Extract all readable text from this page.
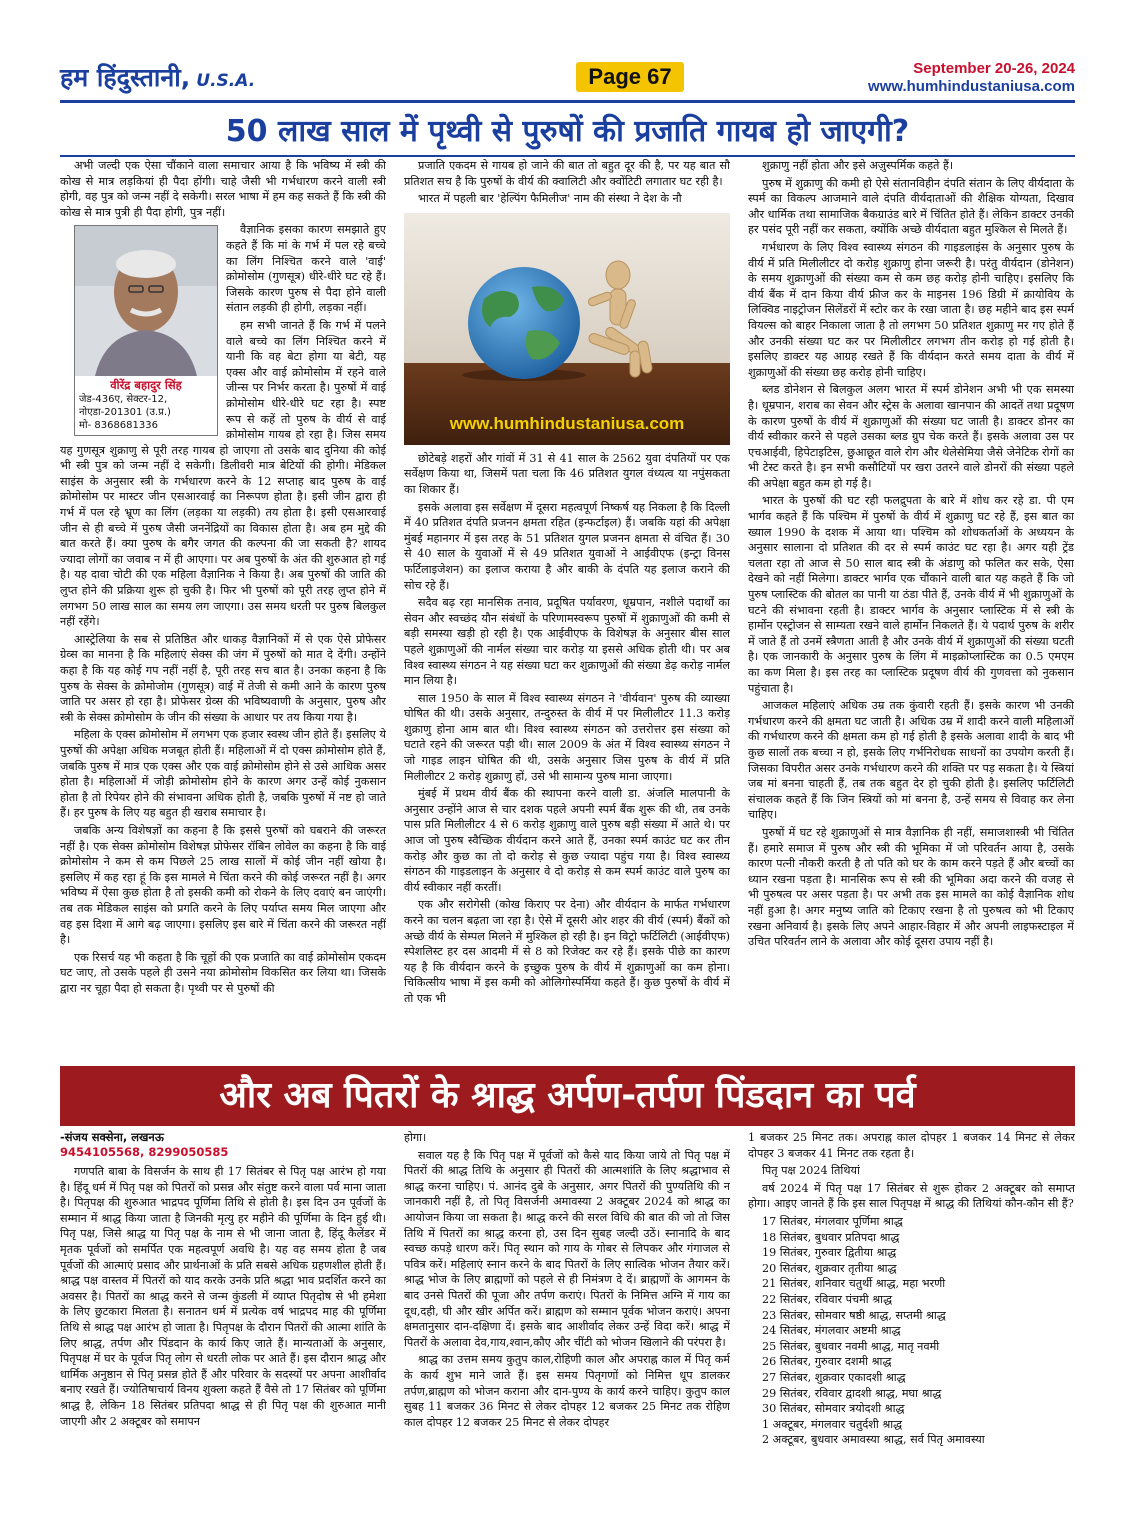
हम हिंदुस्तानी, U.S.A.	Page 67	September 20-26, 2024
www.humhindustaniusa.com
50 लाख साल में पृथ्वी से पुरुषों की प्रजाति गायब हो जाएगी?

अभी जल्दी एक ऐसा चौंकाने वाला समाचार आया है कि भविष्य में स्त्री की कोख से मात्र लड़कियां ही पैदा होंगी। चाहे जैसी भी गर्भधारण करने वाली स्त्री होगी, वह पुत्र को जन्म नहीं दे सकेगी। सरल भाषा में हम कह सकते हैं कि स्त्री की कोख से मात्र पुत्री ही पैदा होगी, पुत्र नहीं।

वीरेंद्र बहादुर सिंह
जेड-436ए, सेक्टर-12,
नोएडा-201301 (उ.प्र.)
मो- 8368681336

वैज्ञानिक इसका कारण समझाते हुए कहते हैं कि मां के गर्भ में पल रहे बच्चे का लिंग निश्चित करने वाले 'वाई' क्रोमोसोम (गुणसूत्र) धीरे-धीरे घट रहे हैं। जिसके कारण पुरुष से पैदा होने वाली संतान लड़की ही होगी, लड़का नहीं।

हम सभी जानते हैं कि गर्भ में पलने वाले बच्चे का लिंग निश्चित करने में यानी कि वह बेटा होगा या बेटी, यह एक्स और वाई क्रोमोसोम में रहने वाले जीन्स पर निर्भर करता है। पुरुषों में वाई क्रोमोसोम धीरे-धीरे घट रहा है। स्पष्ट रूप से कहें तो पुरुष के वीर्य से वाई क्रोमोसोम गायब हो रहा है। जिस समय यह गुणसूत्र शुक्राणु से पूरी तरह गायब हो जाएगा तो उसके बाद दुनिया की कोई भी स्त्री पुत्र को जन्म नहीं दे सकेगी। डिलीवरी मात्र बेटियों की होगी। मेडिकल साइंस के अनुसार स्त्री के गर्भधारण करने के 12 सप्ताह बाद पुरुष के वाई क्रोमोसोम पर मास्टर जीन एसआरवाई का निरूपण होता है। इसी जीन द्वारा ही गर्भ में पल रहे भ्रूण का लिंग (लड़का या लड़की) तय होता है। इसी एसआरवाई जीन से ही बच्चे में पुरुष जैसी जननेंद्रियों का विकास होता है। अब हम मुद्दे की बात करते हैं। क्या पुरुष के बगैर जगत की कल्पना की जा सकती है? शायद ज्यादा लोगों का जवाब न में ही आएगा। पर अब पुरुषों के अंत की शुरुआत हो गई है। यह दावा चोटी की एक महिला वैज्ञानिक ने किया है। अब पुरुषों की जाति की लुप्त होने की प्रक्रिया शुरू हो चुकी है। फिर भी पुरुषों को पूरी तरह लुप्त होने में लगभग 50 लाख साल का समय लग जाएगा। उस समय धरती पर पुरुष बिलकुल नहीं रहेंगे।

आस्ट्रेलिया के सब से प्रतिष्ठित और धाकड़ वैज्ञानिकों में से एक ऐसे प्रोफेसर ग्रेव्स का मानना है कि महिलाएं सेक्स की जंग में पुरुषों को मात दे देंगी। उन्होंने कहा है कि यह कोई गप नहीं नहीं है, पूरी तरह सच बात है। उनका कहना है कि पुरुष के सेक्स के क्रोमोजोम (गुणसूत्र) वाई में तेजी से कमी आने के कारण पुरुष जाति पर असर हो रहा है। प्रोफेसर ग्रेव्स की भविष्यवाणी के अनुसार, पुरुष और स्त्री के सेक्स क्रोमोसोम के जीन की संख्या के आधार पर तय किया गया है।

महिला के एक्स क्रोमोसोम में लगभग एक हजार स्वस्थ जीन होते हैं। इसलिए ये पुरुषों की अपेक्षा अधिक मजबूत होती हैं। महिलाओं में दो एक्स क्रोमोसोम होते हैं, जबकि पुरुष में मात्र एक एक्स और एक वाई क्रोमोसोम होने से उसे आधिक असर होता है। महिलाओं में जोड़ी क्रोमोसोम होने के कारण अगर उन्हें कोई नुकसान होता है तो रिपेयर होने की संभावना अधिक होती है, जबकि पुरुषों में नष्ट हो जाते हैं। हर पुरुष के लिए यह बहुत ही खराब समाचार है।

जबकि अन्य विशेषज्ञों का कहना है कि इससे पुरुषों को घबराने की जरूरत नहीं है। एक सेक्स क्रोमोसोम विशेषज्ञ प्रोफेसर रॉबिन लोवेल का कहना है कि वाई क्रोमोसोम ने कम से कम पिछले 25 लाख सालों में कोई जीन नहीं खोया है। इसलिए में कह रहा हूं कि इस मामले मे चिंता करने की कोई जरूरत नहीं है। अगर भविष्य में ऐसा कुछ होता है तो इसकी कमी को रोकने के लिए दवाएं बन जाएंगी। तब तक मेडिकल साइंस को प्रगति करने के लिए पर्याप्त समय मिल जाएगा और वह इस दिशा में आगे बढ़ जाएगा। इसलिए इस बारे में चिंता करने की जरूरत नहीं है।

एक रिसर्च यह भी कहता है कि चूहों की एक प्रजाति का वाई क्रोमोसोम एकदम घट जाए, तो उसके पहले ही उसने नया क्रोमोसोम विकसित कर लिया था। जिसके द्वारा नर चूहा पैदा हो सकता है। पृथ्वी पर से पुरुषों की

प्रजाति एकदम से गायब हो जाने की बात तो बहुत दूर की है, पर यह बात सौ प्रतिशत सच है कि पुरुषों के वीर्य की क्वालिटी और क्वोंटिटी लगातार घट रही है।

भारत में पहली बार 'हेल्पिंग फैमिलीज' नाम की संस्था ने देश के नौ

www.humhindustaniusa.com

छोटेबड़े शहरों और गांवों में 31 से 41 साल के 2562 युवा दंपतियों पर एक सर्वेक्षण किया था, जिसमें पता चला कि 46 प्रतिशत युगल वंध्यत्व या नपुंसकता का शिकार हैं।

इसके अलावा इस सर्वेक्षण में दूसरा महत्वपूर्ण निष्कर्ष यह निकला है कि दिल्ली में 40 प्रतिशत दंपति प्रजनन क्षमता रहित (इन्फर्टाइल) हैं। जबकि यहां की अपेक्षा मुंबई महानगर में इस तरह के 51 प्रतिशत युगल प्रजनन क्षमता से वंचित हैं। 30 से 40 साल के युवाओं में से 49 प्रतिशत युवाओं ने आईवीएफ (इन्ट्रा विनस फर्टिलाइजेशन) का इलाज कराया है और बाकी के दंपति यह इलाज कराने की सोच रहे हैं।

सदैव बढ़ रहा मानसिक तनाव, प्रदूषित पर्यावरण, धूम्रपान, नशीले पदार्थों का सेवन और स्वच्छंद यौन संबंधों के परिणामस्वरूप पुरुषों में शुक्राणुओं की कमी से बड़ी समस्या खड़ी हो रही है। एक आईवीएफ के विशेषज्ञ के अनुसार बीस साल पहले शुक्राणुओं की नार्मल संख्या चार करोड़ या इससे अधिक होती थी। पर अब विश्व स्वास्थ्य संगठन ने यह संख्या घटा कर शुक्राणुओं की संख्या डेढ़ करोड़ नार्मल मान लिया है।

साल 1950 के साल में विश्व स्वास्थ्य संगठन ने 'वीर्यवान' पुरुष की व्याख्या घोषित की थी। उसके अनुसार, तन्दुरुस्त के वीर्य में पर मिलीलीटर 11.3 करोड़ शुक्राणु होना आम बात थी। विश्व स्वास्थ्य संगठन को उत्तरोत्तर इस संख्या को घटाते रहने की जरूरत पड़ी थी। साल 2009 के अंत में विश्व स्वास्थ्य संगठन ने जो गाइड लाइन घोषित की थी, उसके अनुसार जिस पुरुष के वीर्य में प्रति मिलीलीटर 2 करोड़ शुक्राणु हों, उसे भी सामान्य पुरुष माना जाएगा।

मुंबई में प्रथम वीर्य बैंक की स्थापना करने वाली डा. अंजलि मालपानी के अनुसार उन्होंने आज से चार दशक पहले अपनी स्पर्म बैंक शुरू की थी, तब उनके पास प्रति मिलीलीटर 4 से 6 करोड़ शुक्राणु वाले पुरुष बड़ी संख्या में आते थे। पर आज जो पुरुष स्वैच्छिक वीर्यदान करने आते हैं, उनका स्पर्म काउंट घट कर तीन करोड़ और कुछ का तो दो करोड़ से कुछ ज्यादा पहुंच गया है। विश्व स्वास्थ्य संगठन की गाइडलाइन के अनुसार वे दो करोड़ से कम स्पर्म काउंट वाले पुरुष का वीर्य स्वीकार नहीं करतीं।

एक और सरोगेसी (कोख किराए पर देना) और वीर्यदान के मार्फत गर्भधारण करने का चलन बढ़ता जा रहा है। ऐसे में दूसरी ओर शहर की वीर्य (स्पर्म) बैंकों को अच्छे वीर्य के सेम्पल मिलने में मुश्किल हो रही है। इन विट्रो फर्टिलिटी (आईवीएफ) स्पेशलिस्ट हर दस आदमी में से 8 को रिजेक्ट कर रहे हैं। इसके पीछे का कारण यह है कि वीर्यदान करने के इच्छुक पुरुष के वीर्य में शुक्राणुओं का कम होना। चिकित्सीय भाषा में इस कमी को ओलिगोस्पर्मिया कहते हैं। कुछ पुरुषों के वीर्य में तो एक भी

शुक्राणु नहीं होता और इसे अज़ुस्पर्मिक कहते हैं।

पुरुष में शुक्राणु की कमी हो ऐसे संतानविहीन दंपति संतान के लिए वीर्यदाता के स्पर्म का विकल्प आजमाने वाले दंपति वीर्यदाताओं की शैक्षिक योग्यता, दिखाव और धार्मिक तथा सामाजिक बैकग्राउंड बारे में चिंतित होते हैं। लेकिन डाक्टर उनकी हर पसंद पूरी नहीं कर सकता, क्योंकि अच्छे वीर्यदाता बहुत मुश्किल से मिलते हैं।

गर्भधारण के लिए विश्व स्वास्थ्य संगठन की गाइडलाइंस के अनुसार पुरुष के वीर्य में प्रति मिलीलीटर दो करोड़ शुक्राणु होना जरूरी है। परंतु वीर्यदान (डोनेशन) के समय शुक्राणुओं की संख्या कम से कम छह करोड़ होनी चाहिए। इसलिए कि वीर्य बैंक में दान किया वीर्य फ्रीज कर के माइनस 196 डिग्री में क्रायोविय के लिक्विड नाइट्रोजन सिलेंडरों में स्टोर कर के रखा जाता है। छह महीने बाद इस स्पर्म वियल्स को बाहर निकाला जाता है तो लगभग 50 प्रतिशत शुक्राणु मर गए होते हैं और उनकी संख्या घट कर पर मिलीलीटर लगभग तीन करोड़ हो गई होती है। इसलिए डाक्टर यह आग्रह रखते हैं कि वीर्यदान करते समय दाता के वीर्य में शुक्राणुओं की संख्या छह करोड़ होनी चाहिए।

ब्लड डोनेशन से बिलकुल अलग भारत में स्पर्म डोनेशन अभी भी एक समस्या है। धूम्रपान, शराब का सेवन और स्ट्रेस के अलावा खानपान की आदतें तथा प्रदूषण के कारण पुरुषों के वीर्य में शुक्राणुओं की संख्या घट जाती है। डाक्टर डोनर का वीर्य स्वीकार करने से पहले उसका ब्लड ग्रुप चेक करते हैं। इसके अलावा उस पर एचआईवी, हिपेटाइटिस, छुआछूत वाले रोग और थेलेसेमिया जैसे जेनेटिक रोगों का भी टेस्ट करते है। इन सभी कसौटियों पर खरा उतरने वाले डोनरों की संख्या पहले की अपेक्षा बहुत कम हो गई है।

भारत के पुरुषों की घट रही फलद्रुपता के बारे में शोध कर रहे डा. पी एम भार्गव कहते हैं कि पश्चिम में पुरुषों के वीर्य में शुक्राणु घट रहे हैं, इस बात का ख्याल 1990 के दशक में आया था। पश्चिम को शोधकर्ताओं के अध्ययन के अनुसार सालाना दो प्रतिशत की दर से स्पर्म काउंट घट रहा है। अगर यही ट्रेंड चलता रहा तो आज से 50 साल बाद स्त्री के अंडाणु को फलित कर सके, ऐसा देखने को नहीं मिलेगा। डाक्टर भार्गव एक चौंकाने वाली बात यह कहते हैं कि जो पुरुष प्लास्टिक की बोतल का पानी या ठंडा पीते हैं, उनके वीर्य में भी शुक्राणुओं के घटने की संभावना रहती है। डाक्टर भार्गव के अनुसार प्लास्टिक में से स्त्री के हार्मोन एस्ट्रोजन से साम्यता रखने वाले हार्मोन निकलते हैं। ये पदार्थ पुरुष के शरीर में जाते हैं तो उनमें स्त्रैणता आती है और उनके वीर्य में शुक्राणुओं की संख्या घटती है। एक जानकारी के अनुसार पुरुष के लिंग में माइक्रोप्लास्टिक का 0.5 एमएम का कण मिला है। इस तरह का प्लास्टिक प्रदूषण वीर्य की गुणवत्ता को नुकसान पहुंचाता है।

आजकल महिलाएं अधिक उम्र तक कुंवारी रहती हैं। इसके कारण भी उनकी गर्भधारण करने की क्षमता घट जाती है। अधिक उम्र में शादी करने वाली महिलाओं की गर्भधारण करने की क्षमता कम हो गई होती है इसके अलावा शादी के बाद भी कुछ सालों तक बच्चा न हो, इसके लिए गर्भनिरोधक साधनों का उपयोग करती हैं। जिसका विपरीत असर उनके गर्भधारण करने की शक्ति पर पड़ सकता है। ये स्त्रियां जब मां बनना चाहती हैं, तब तक बहुत देर हो चुकी होती है। इसलिए फर्टिलिटी संचालक कहते हैं कि जिन स्त्रियों को मां बनना है, उन्हें समय से विवाह कर लेना चाहिए।

पुरुषों में घट रहे शुक्राणुओं से मात्र वैज्ञानिक ही नहीं, समाजशास्त्री भी चिंतित हैं। हमारे समाज में पुरुष और स्त्री की भूमिका में जो परिवर्तन आया है, उसके कारण पत्नी नौकरी करती है तो पति को घर के काम करने पड़ते हैं और बच्चों का ध्यान रखना पड़ता है। मानसिक रूप से स्त्री की भूमिका अदा करने की वजह से भी पुरुषत्व पर असर पड़ता है। पर अभी तक इस मामले का कोई वैज्ञानिक शोध नहीं हुआ है। अगर मनुष्य जाति को टिकाए रखना है तो पुरुषत्व को भी टिकाए रखना अनिवार्य है। इसके लिए अपने आहार-विहार में और अपनी लाइफस्टाइल में उचित परिवर्तन लाने के अलावा और कोई दूसरा उपाय नहीं है।

और अब पितरों के श्राद्ध अर्पण-तर्पण पिंडदान का पर्व
-संजय सक्सेना, लखनऊ
9454105568, 8299050585

गणपति बाबा के विसर्जन के साथ ही 17 सितंबर से पितृ पक्ष आरंभ हो गया है। हिंदू धर्म में पितृ पक्ष को पितरों को प्रसन्न और संतुष्ट करने वाला पर्व माना जाता है। पितृपक्ष की शुरुआत भाद्रपद पूर्णिमा तिथि से होती है। इस दिन उन पूर्वजों के सम्मान में श्राद्ध किया जाता है जिनकी मृत्यु हर महीने की पूर्णिमा के दिन हुई थी। पितृ पक्ष, जिसे श्राद्ध या पितृ पक्ष के नाम से भी जाना जाता है, हिंदू कैलेंडर में मृतक पूर्वजों को समर्पित एक महत्वपूर्ण अवधि है। यह वह समय होता है जब पूर्वजों की आत्माएं प्रसाद और प्रार्थनाओं के प्रति सबसे अधिक ग्रहणशील होती हैं। श्राद्ध पक्ष वास्तव में पितरों को याद करके उनके प्रति श्रद्धा भाव प्रदर्शित करने का अवसर है। पितरों का श्राद्ध करने से जन्म कुंडली में व्याप्त पितृदोष से भी हमेशा के लिए छुटकारा मिलता है। सनातन धर्म में प्रत्येक वर्ष भाद्रपद माह की पूर्णिमा तिथि से श्राद्ध पक्ष आरंभ हो जाता है। पितृपक्ष के दौरान पितरों की आत्मा शांति के लिए श्राद्ध, तर्पण और पिंडदान के कार्य किए जाते हैं। मान्यताओं के अनुसार, पितृपक्ष में घर के पूर्वज पितृ लोग से धरती लोक पर आते हैं। इस दौरान श्राद्ध और धार्मिक अनुष्ठान से पितृ प्रसन्न होते हैं और परिवार के सदस्यों पर अपना आशीर्वाद बनाए रखते हैं। ज्योतिषाचार्य विनय शुक्ला कहते हैं वैसे तो 17 सितंबर को पूर्णिमा श्राद्ध है, लेकिन 18 सितंबर प्रतिपदा श्राद्ध से ही पितृ पक्ष की शुरुआत मानी जाएगी और 2 अक्टूबर को समापन

होगा।

सवाल यह है कि पितृ पक्ष में पूर्वजों को कैसे याद किया जाये तो पितृ पक्ष में पितरों की श्राद्ध तिथि के अनुसार ही पितरों की आत्मशांति के लिए श्रद्धाभाव से श्राद्ध करना चाहिए। पं. आनंद दुबे के अनुसार, अगर पितरों की पुण्यतिथि की न जानकारी नहीं है, तो पितृ विसर्जनी अमावस्या 2 अक्टूबर 2024 को श्राद्ध का आयोजन किया जा सकता है। श्राद्ध करने की सरल विधि की बात की जो तो जिस तिथि में पितरों का श्राद्ध करना हो, उस दिन सुबह जल्दी उठें। स्नानादि के बाद स्वच्छ कपड़े धारण करें। पितृ स्थान को गाय के गोबर से लिपकर और गंगाजल से पवित्र करें। महिलाएं स्नान करने के बाद पितरों के लिए सात्विक भोजन तैयार करें। श्राद्ध भोज के लिए ब्राह्मणों को पहले से ही निमंत्रण दे दें। ब्राह्मणों के आगमन के बाद उनसे पितरों की पूजा और तर्पण कराएं। पितरों के निमित्त अग्नि में गाय का दूध,दही, घी और खीर अर्पित करें। ब्राह्मण को सम्मान पूर्वक भोजन कराएं। अपना क्षमतानुसार दान-दक्षिणा दें। इसके बाद आशीर्वाद लेकर उन्हें विदा करें। श्राद्ध में पितरों के अलावा देव,गाय,श्वान,कौए और चींटी को भोजन खिलाने की परंपरा है।

श्राद्ध का उत्तम समय कुतुप काल,रोहिणी काल और अपराह्न काल में पितृ कर्म के कार्य शुभ माने जाते हैं। इस समय पितृगणों को निमित्त धूप डालकर तर्पण,ब्राह्मण को भोजन कराना और दान-पुण्य के कार्य करने चाहिए। कुतुप काल सुबह 11 बजकर 36 मिनट से लेकर दोपहर 12 बजकर 25 मिनट तक रोहिण काल दोपहर 12 बजकर 25 मिनट से लेकर दोपहर

1 बजकर 25 मिनट तक। अपराह्न काल दोपहर 1 बजकर 14 मिनट से लेकर दोपहर 3 बजकर 41 मिनट तक रहता है।

पितृ पक्ष 2024 तिथियां

वर्ष 2024 में पितृ पक्ष 17 सितंबर से शुरू होकर 2 अक्टूबर को समाप्त होगा। आइए जानते हैं कि इस साल पितृपक्ष में श्राद्ध की तिथियां कौन-कौन सी हैं?

17 सितंबर, मंगलवार पूर्णिमा श्राद्ध
18 सितंबर, बुधवार प्रतिपदा श्राद्ध
19 सितंबर, गुरुवार द्वितीया श्राद्ध
20 सितंबर, शुक्रवार तृतीया श्राद्ध
21 सितंबर, शनिवार चतुर्थी श्राद्ध, महा भरणी
22 सितंबर, रविवार पंचमी श्राद्ध
23 सितंबर, सोमवार षष्ठी श्राद्ध, सप्तमी श्राद्ध
24 सितंबर, मंगलवार अष्टमी श्राद्ध
25 सितंबर, बुधवार नवमी श्राद्ध, मातृ नवमी
26 सितंबर, गुरुवार दशमी श्राद्ध
27 सितंबर, शुक्रवार एकादशी श्राद्ध
29 सितंबर, रविवार द्वादशी श्राद्ध, मघा श्राद्ध
30 सितंबर, सोमवार त्रयोदशी श्राद्ध
1 अक्टूबर, मंगलवार चतुर्दशी श्राद्ध
2 अक्टूबर, बुधवार अमावस्या श्राद्ध, सर्व पितृ अमावस्या
